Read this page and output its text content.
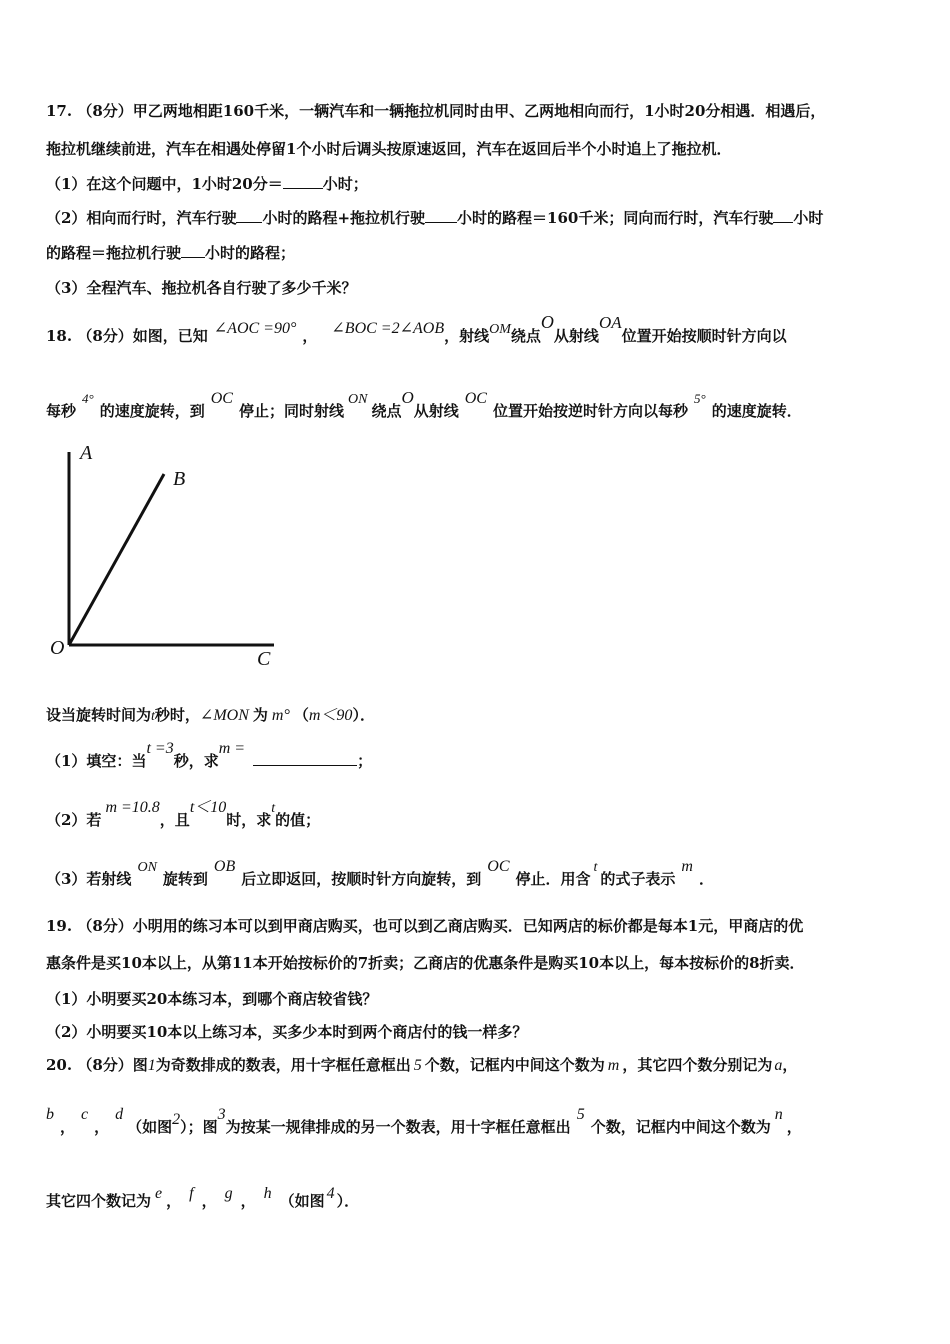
17. （8分）甲乙两地相距160千米，一辆汽车和一辆拖拉机同时由甲、乙两地相向而行，1小时20分相遇．相遇后，
拖拉机继续前进，汽车在相遇处停留1个小时后调头按原速返回，汽车在返回后半个小时追上了拖拉机．
（1）在这个问题中，1小时20分＝	小时；
（2）相向而行时，汽车行驶 小时的路程+拖拉机行驶 小时的路程＝160千米；同向而行时，汽车行驶 小时
的路程＝拖拉机行驶 小时的路程；
（3）全程汽车、拖拉机各自行驶了多少千米？
18. （8分）如图，已知 ∠AOC =90° ， ∠BOC =2∠AOB，射线OM绕点O从射线OA位置开始按顺时针方向以
每秒4°的速度旋转，到OC停止；同时射线ON绕点O从射线OC位置开始按逆时针方向以每秒5°的速度旋转．
A
B
O	C
设当旋转时间为t秒时，∠MON 为 m° （m＜90）．
（1）填空：当t =3秒，求m =；
（2）若m =10.8，且t＜10时，求t的值；
（3）若射线ON旋转到OB后立即返回，按顺时针方向旋转，到OC停止．用含t的式子表示m．
19. （8分）小明用的练习本可以到甲商店购买，也可以到乙商店购买．已知两店的标价都是每本1元，甲商店的优
惠条件是买10本以上，从第11本开始按标价的7折卖；乙商店的优惠条件是购买10本以上，每本按标价的8折卖．
（1）小明要买20本练习本，到哪个商店较省钱？
（2）小明要买10本以上练习本，买多少本时到两个商店付的钱一样多？
20. （8分）图1为奇数排成的数表，用十字框任意框出 5 个数，记框内中间这个数为 m ，其它四个数分别记为 a，
b，c，d（如图2）；图3为按某一规律排成的另一个数表，用十字框任意框出5个数，记框内中间这个数为n，
其它四个数记为 e ， f ， g ， h （如图 4 ）．
